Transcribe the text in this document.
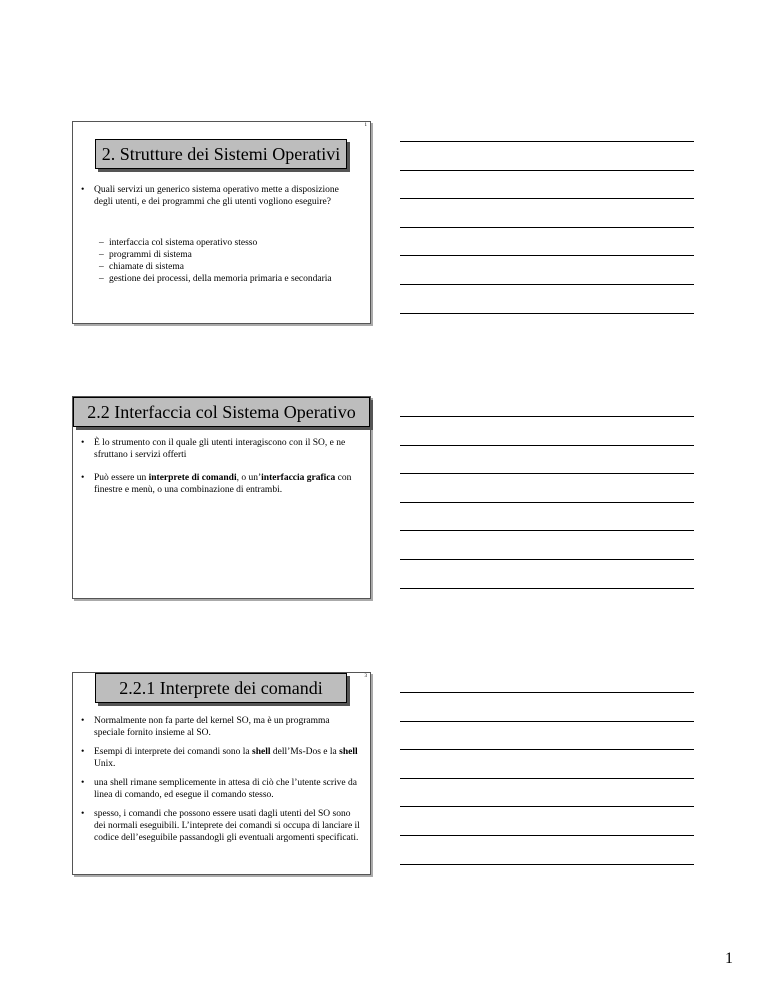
1
2. Strutture dei Sistemi Operativi
• Quali servizi un generico sistema operativo mette a disposizione degli utenti, e dei programmi che gli utenti vogliono eseguire?
– interfaccia col sistema operativo stesso
– programmi di sistema
– chiamate di sistema
– gestione dei processi, della memoria primaria e secondaria
2.2 Interfaccia col Sistema Operativo
• È lo strumento con il quale gli utenti interagiscono con il SO, e ne sfruttano i servizi offerti
• Può essere un interprete di comandi, o un’interfaccia grafica con finestre e menù, o una combinazione di entrambi.
3
2.2.1 Interprete dei comandi
• Normalmente non fa parte del kernel SO, ma è un programma speciale fornito insieme al SO.
• Esempi di interprete dei comandi sono la shell dell’Ms-Dos e la shell Unix.
• una shell rimane semplicemente in attesa di ciò che l’utente scrive da linea di comando, ed esegue il comando stesso.
• spesso, i comandi che possono essere usati dagli utenti del SO sono dei normali eseguibili. L’inteprete dei comandi si occupa di lanciare il codice dell’eseguibile passandogli gli eventuali argomenti specificati.
1
